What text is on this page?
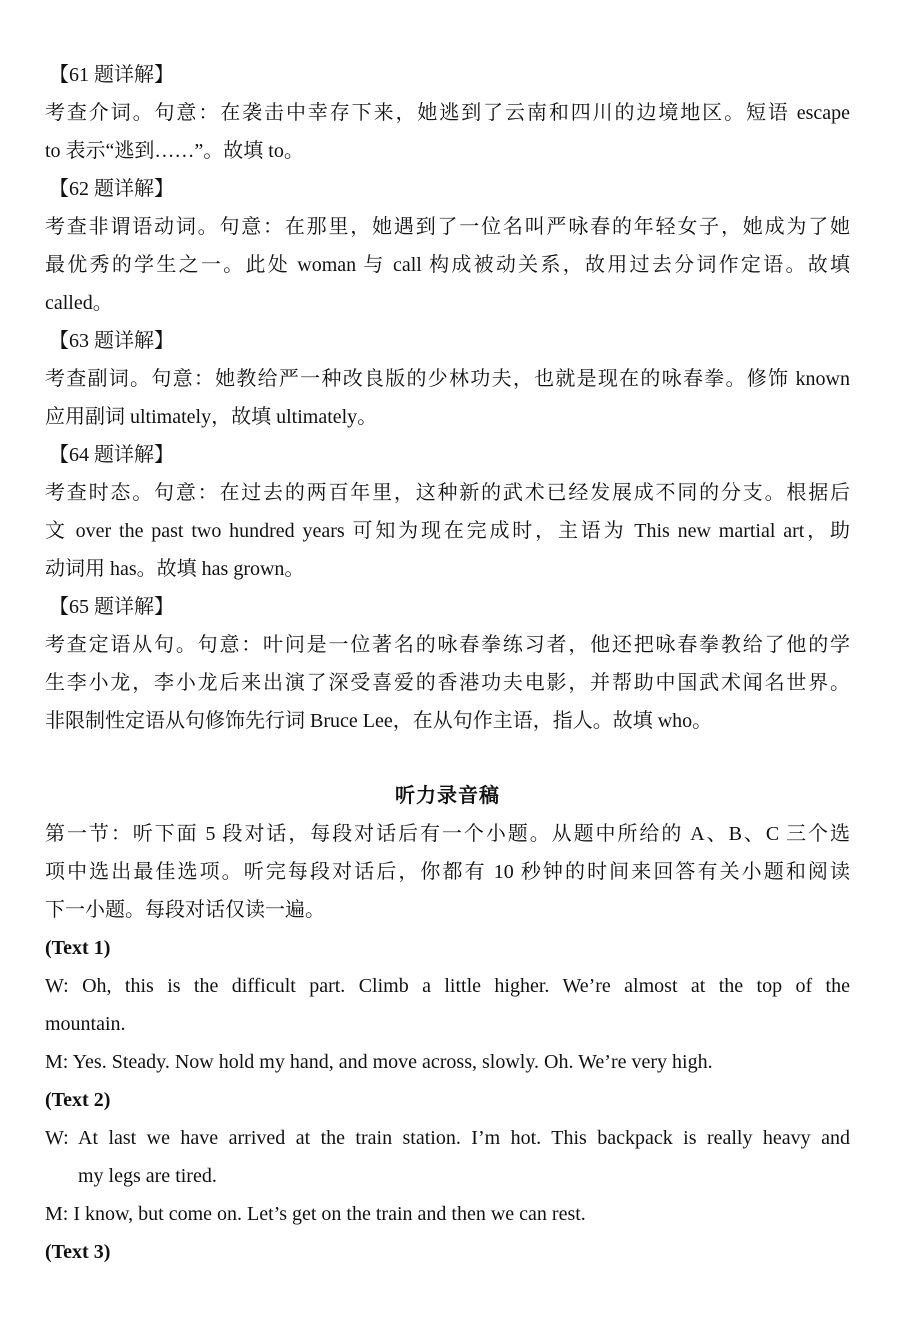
【61 题详解】
考查介词。句意：在袭击中幸存下来，她逃到了云南和四川的边境地区。短语 escape
to 表示“逃到……”。故填 to。
【62 题详解】
考查非谓语动词。句意：在那里，她遇到了一位名叫严咏春的年轻女子，她成为了她
最优秀的学生之一。此处 woman 与 call 构成被动关系，故用过去分词作定语。故填
called。
【63 题详解】
考查副词。句意：她教给严一种改良版的少林功夫，也就是现在的咏春拳。修饰 known
应用副词 ultimately，故填 ultimately。
【64 题详解】
考查时态。句意：在过去的两百年里，这种新的武术已经发展成不同的分支。根据后
文 over the past two hundred years 可知为现在完成时，主语为 This new martial art，助
动词用 has。故填 has grown。
【65 题详解】
考查定语从句。句意：叶问是一位著名的咏春拳练习者，他还把咏春拳教给了他的学
生李小龙，李小龙后来出演了深受喜爱的香港功夫电影，并帮助中国武术闻名世界。
非限制性定语从句修饰先行词 Bruce Lee，在从句作主语，指人。故填 who。
听力录音稿
第一节：听下面 5 段对话，每段对话后有一个小题。从题中所给的 A、B、C 三个选
项中选出最佳选项。听完每段对话后，你都有 10 秒钟的时间来回答有关小题和阅读
下一小题。每段对话仅读一遍。
(Text 1)
W: Oh, this is the difficult part. Climb a little higher. We’re almost at the top of the
mountain.
M: Yes. Steady. Now hold my hand, and move across, slowly. Oh. We’re very high.
(Text 2)
W: At last we have arrived at the train station. I’m hot. This backpack is really heavy and
my legs are tired.
M: I know, but come on. Let’s get on the train and then we can rest.
(Text 3)
